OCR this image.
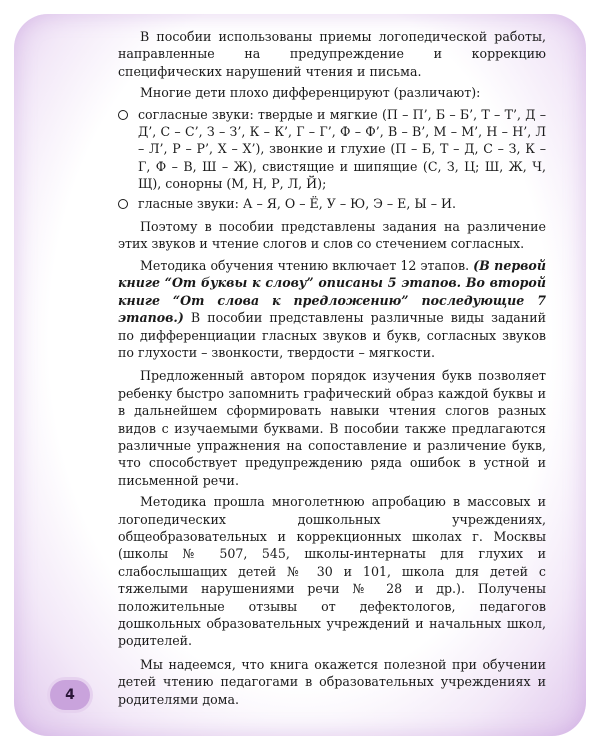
В пособии использованы приемы логопедической работы, направленные на предупреждение и коррекцию специфических нарушений чтения и письма.

Многие дети плохо дифференцируют (различают):

согласные звуки: твердые и мягкие (П – П’, Б – Б’, Т – Т’, Д – Д’, С – С’, З – З’, К – К’, Г – Г’, Ф – Ф’, В – В’, М – М’, Н – Н’, Л – Л’, Р – Р’, Х – Х’), звонкие и глухие (П – Б, Т – Д, С – З, К – Г, Ф – В, Ш – Ж), свистящие и шипящие (С, З, Ц; Ш, Ж, Ч, Щ), сонорны (М, Н, Р, Л, Й);
гласные звуки: А – Я, О – Ё, У – Ю, Э – Е, Ы – И.

Поэтому в пособии представлены задания на различение этих звуков и чтение слогов и слов со стечением согласных.

Методика обучения чтению включает 12 этапов. (В первой книге “От буквы к слову” описаны 5 этапов. Во второй книге “От слова к предложению” последующие 7 этапов.) В пособии представлены различные виды заданий по дифференциации гласных звуков и букв, согласных звуков по глухости – звонкости, твердости – мягкости.

Предложенный автором порядок изучения букв позволяет ребенку быстро запомнить графический образ каждой буквы и в дальнейшем сформировать навыки чтения слогов разных видов с изучаемыми буквами. В пособии также предлагаются различные упражнения на сопоставление и различение букв, что способствует предупреждению ряда ошибок в устной и письменной речи.

Методика прошла многолетнюю апробацию в массовых и логопедических дошкольных учреждениях, общеобразовательных и коррекционных школах г. Москвы (школы № 507, 545, школы-интернаты для глухих и слабослышащих детей № 30 и 101, школа для детей с тяжелыми нарушениями речи № 28 и др.). Получены положительные отзывы от дефектологов, педагогов дошкольных образовательных учреждений и начальных школ, родителей.

Мы надеемся, что книга окажется полезной при обучении детей чтению педагогами в образовательных учреждениях и родителями дома.

4
